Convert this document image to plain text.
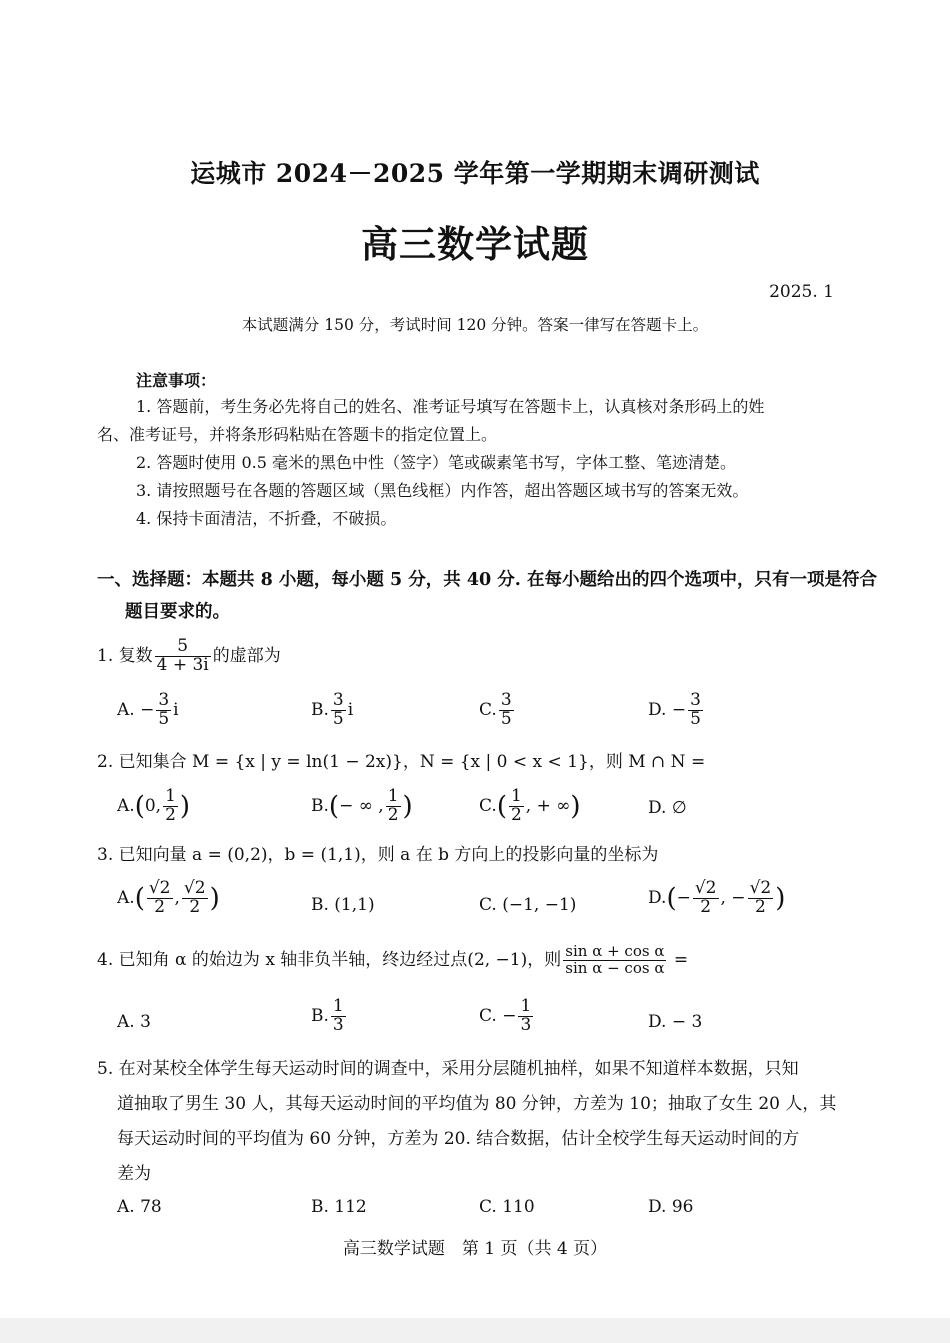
运城市 2024－2025 学年第一学期期末调研测试
高三数学试题
2025. 1
本试题满分 150 分，考试时间 120 分钟。答案一律写在答题卡上。
注意事项：
1. 答题前，考生务必先将自己的姓名、准考证号填写在答题卡上，认真核对条形码上的姓
名、准考证号，并将条形码粘贴在答题卡的指定位置上。
2. 答题时使用 0.5 毫米的黑色中性（签字）笔或碳素笔书写，字体工整、笔迹清楚。
3. 请按照题号在各题的答题区域（黑色线框）内作答，超出答题区域书写的答案无效。
4. 保持卡面清洁，不折叠，不破损。
一、选择题：本题共 8 小题，每小题 5 分，共 40 分. 在每小题给出的四个选项中，只有一项是符合
题目要求的。
1. 复数 $\frac{5}{4 + 3i}$ 的虚部为
A. − $\frac{3}{5}$ i	B. $\frac{3}{5}$ i	C. $\frac{3}{5}$	D. − $\frac{3}{5}$
2. 已知集合 M = {x | y = ln(1 − 2x)}，N = {x | 0 < x < 1}，则 M ∩ N =
A.(0, $\frac{1}{2}$ )	B.(− ∞ , $\frac{1}{2}$ )	$C.( \frac{1}{2}$ , + ∞)	D. ∅
3. 已知向量 a = (0,2)，b = (1,1)，则 a 在 b 方向上的投影向量的坐标为
$A.( \frac{√2}{2}$ , $\frac{√2}{2}$ )	B. (1,1)	C. (−1, −1)	$D.(- \frac{√2}{2}$ , − $\frac{√2}{2}$ )
4. 已知角 α 的始边为 x 轴非负半轴，终边经过点(2, −1)，则 $\frac{\text{sin α + cos α}}{\text{sin α − cos α}}$ =
A. 3	B. $\frac{1}{3}$	C. − $\frac{1}{3}$	D. − 3
5. 在对某校全体学生每天运动时间的调查中，采用分层随机抽样，如果不知道样本数据，只知
道抽取了男生 30 人，其每天运动时间的平均值为 80 分钟，方差为 10；抽取了女生 20 人，其
每天运动时间的平均值为 60 分钟，方差为 20. 结合数据，估计全校学生每天运动时间的方
差为
A. 78	B. 112	C. 110	D. 96
高三数学试题　第 1 页（共 4 页）
